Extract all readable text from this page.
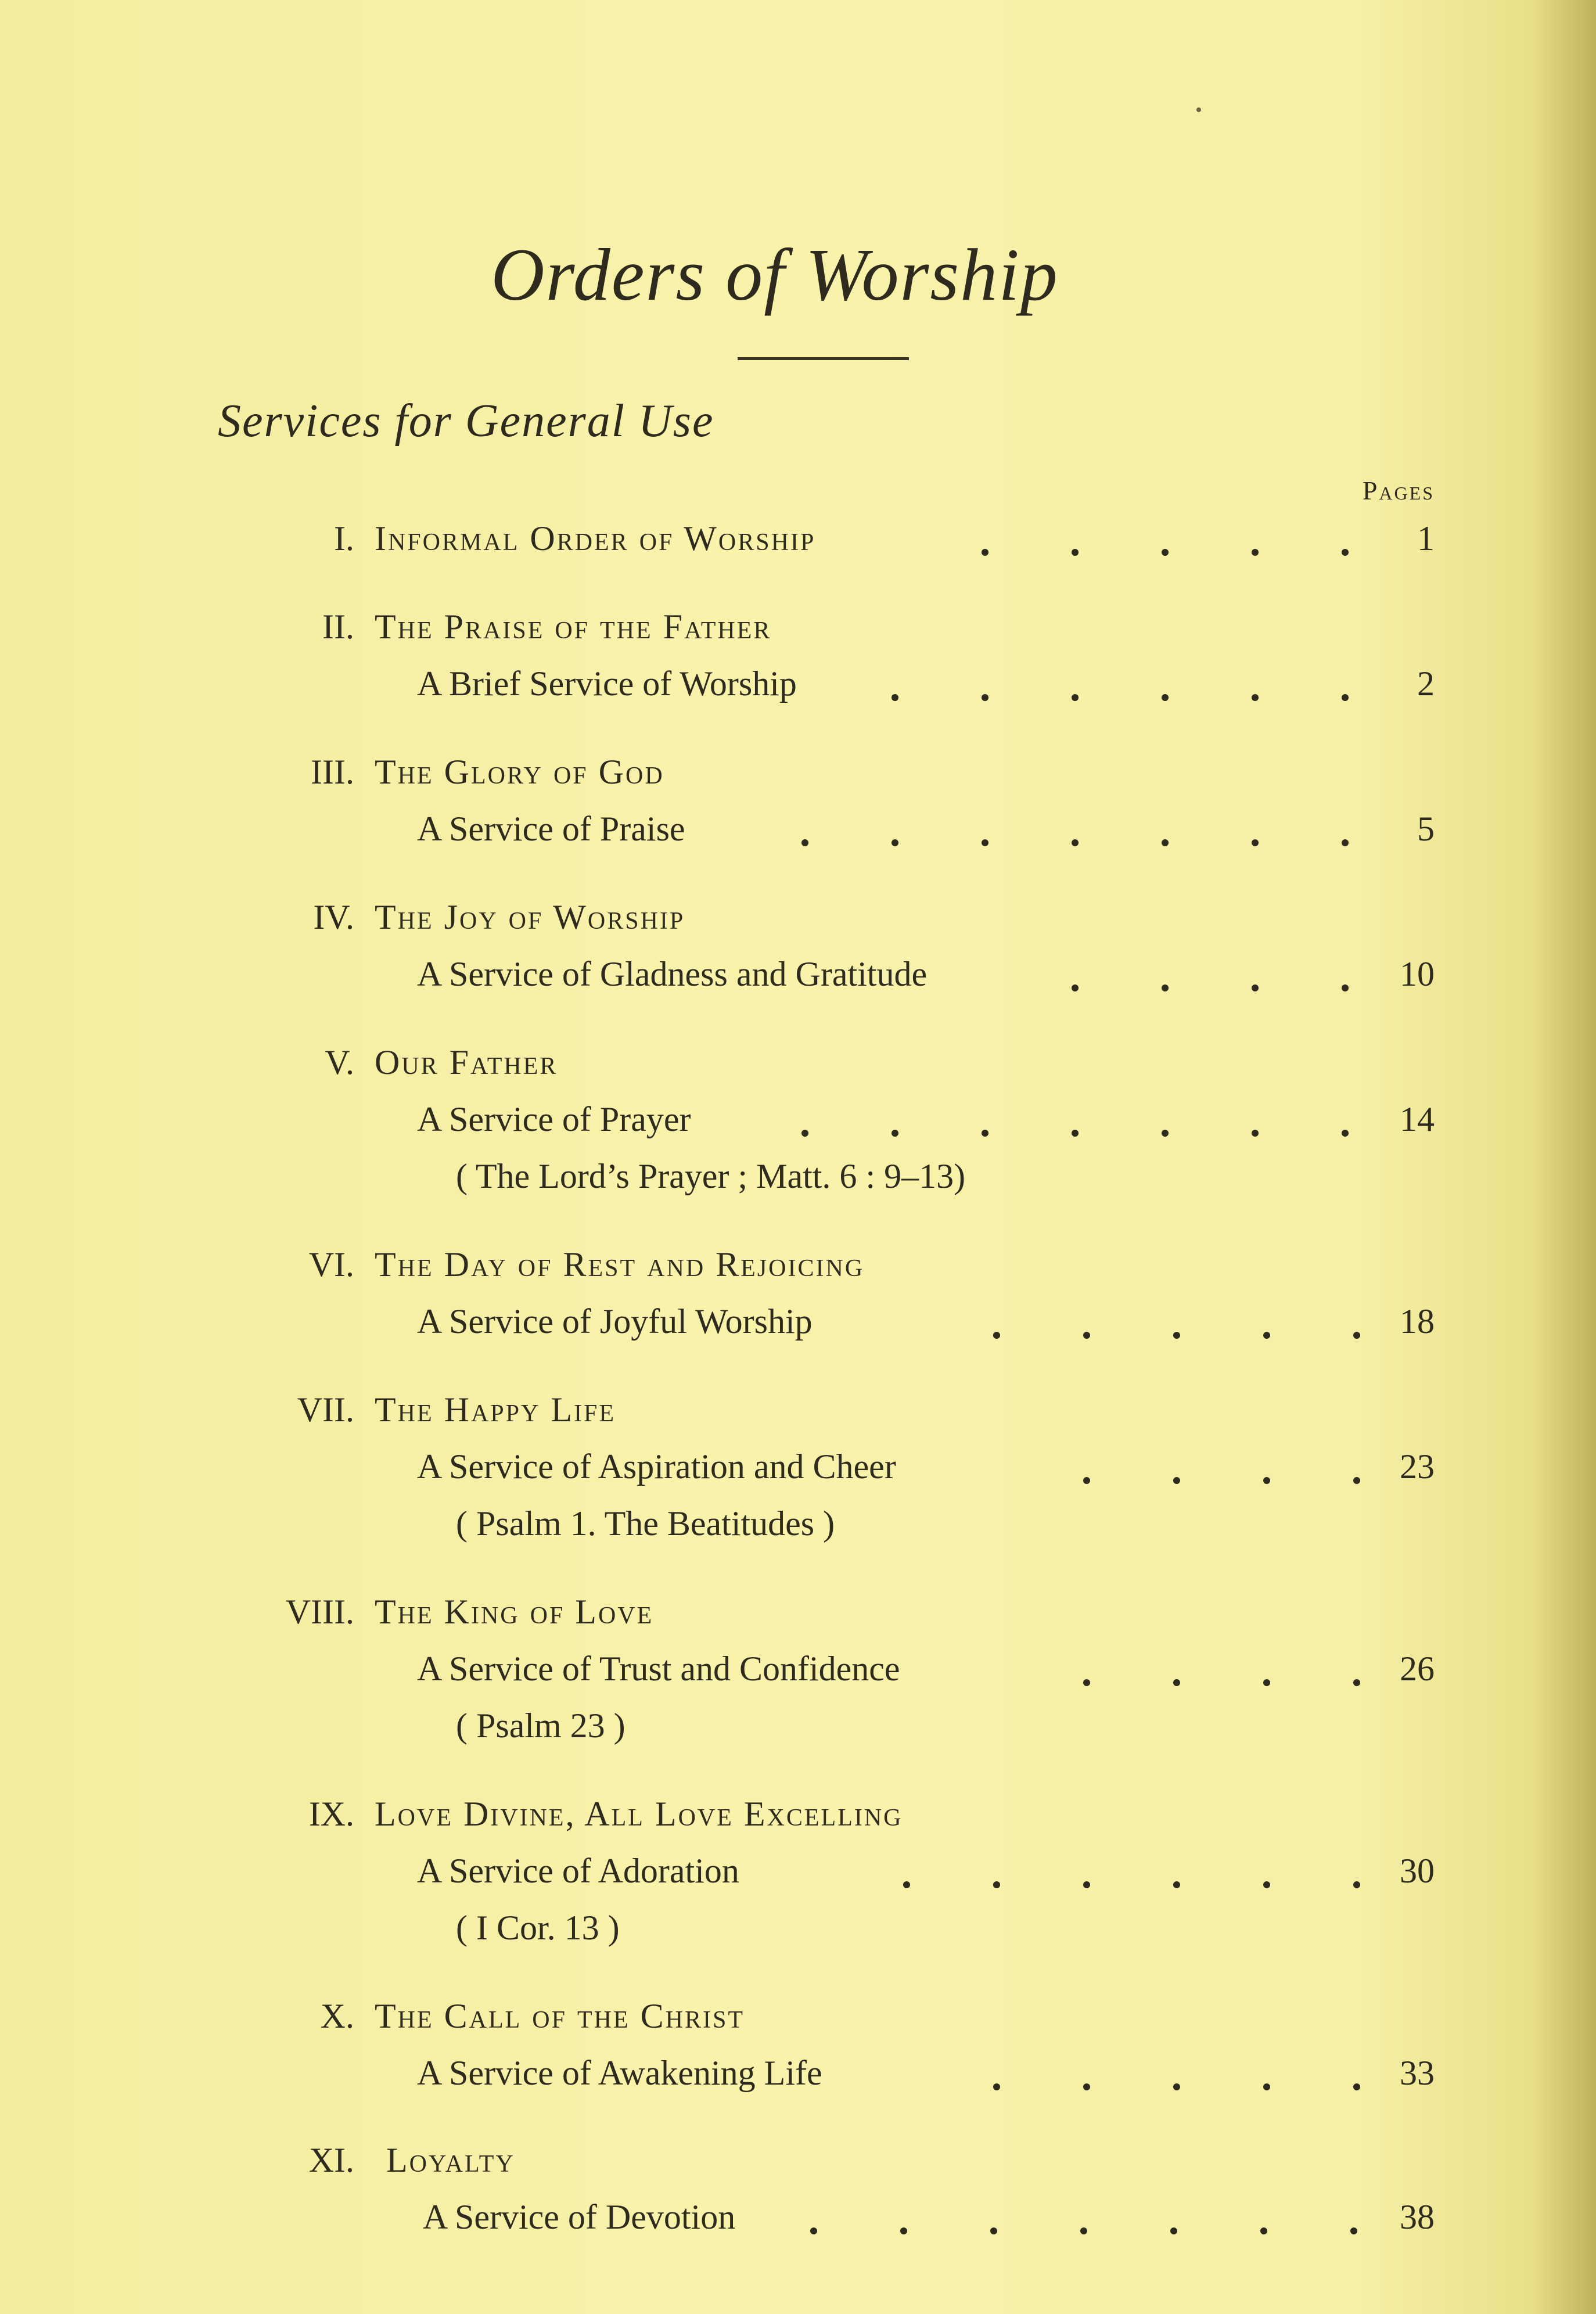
Orders of Worship
Services for General Use
Pages
I. Informal Order of Worship	1
II. The Praise of the Father
A Brief Service of Worship	2
III. The Glory of God
A Service of Praise	5
IV. The Joy of Worship
A Service of Gladness and Gratitude	10
V. Our Father
A Service of Prayer	14
( The Lord’s Prayer ; Matt. 6 : 9–13)
VI. The Day of Rest and Rejoicing
A Service of Joyful Worship	18
VII. The Happy Life
A Service of Aspiration and Cheer	23
( Psalm 1. The Beatitudes )
VIII. The King of Love
A Service of Trust and Confidence	26
( Psalm 23 )
IX. Love Divine, All Love Excelling
A Service of Adoration	30
( I Cor. 13 )
X. The Call of the Christ
A Service of Awakening Life	33
XI. Loyalty
A Service of Devotion	38
